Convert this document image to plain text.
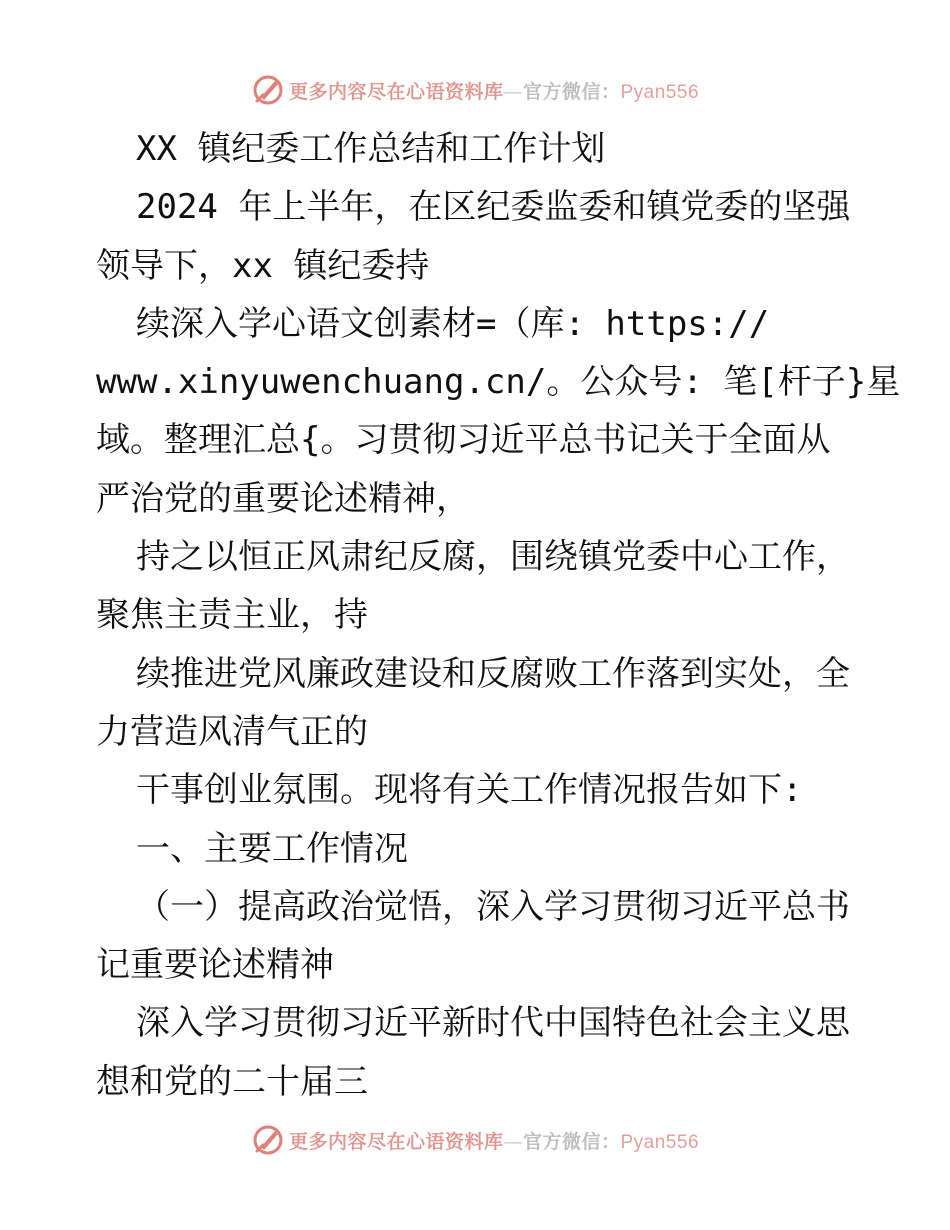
更多内容尽在心语资料库—官方微信：Pyan556
XX 镇纪委工作总结和工作计划
2024 年上半年，在区纪委监委和镇党委的坚强
领导下，xx 镇纪委持
续深入学心语文创素材=（库: https://
www.xinyuwenchuang.cn/。公众号: 笔[杆子}星
域。整理汇总{。习贯彻习近平总书记关于全面从
严治党的重要论述精神，
持之以恒正风肃纪反腐，围绕镇党委中心工作，
聚焦主责主业，持
续推进党风廉政建设和反腐败工作落到实处，全
力营造风清气正的
干事创业氛围。现将有关工作情况报告如下:
一、主要工作情况
（一）提高政治觉悟，深入学习贯彻习近平总书
记重要论述精神
深入学习贯彻习近平新时代中国特色社会主义思
想和党的二十届三
更多内容尽在心语资料库—官方微信：Pyan556
